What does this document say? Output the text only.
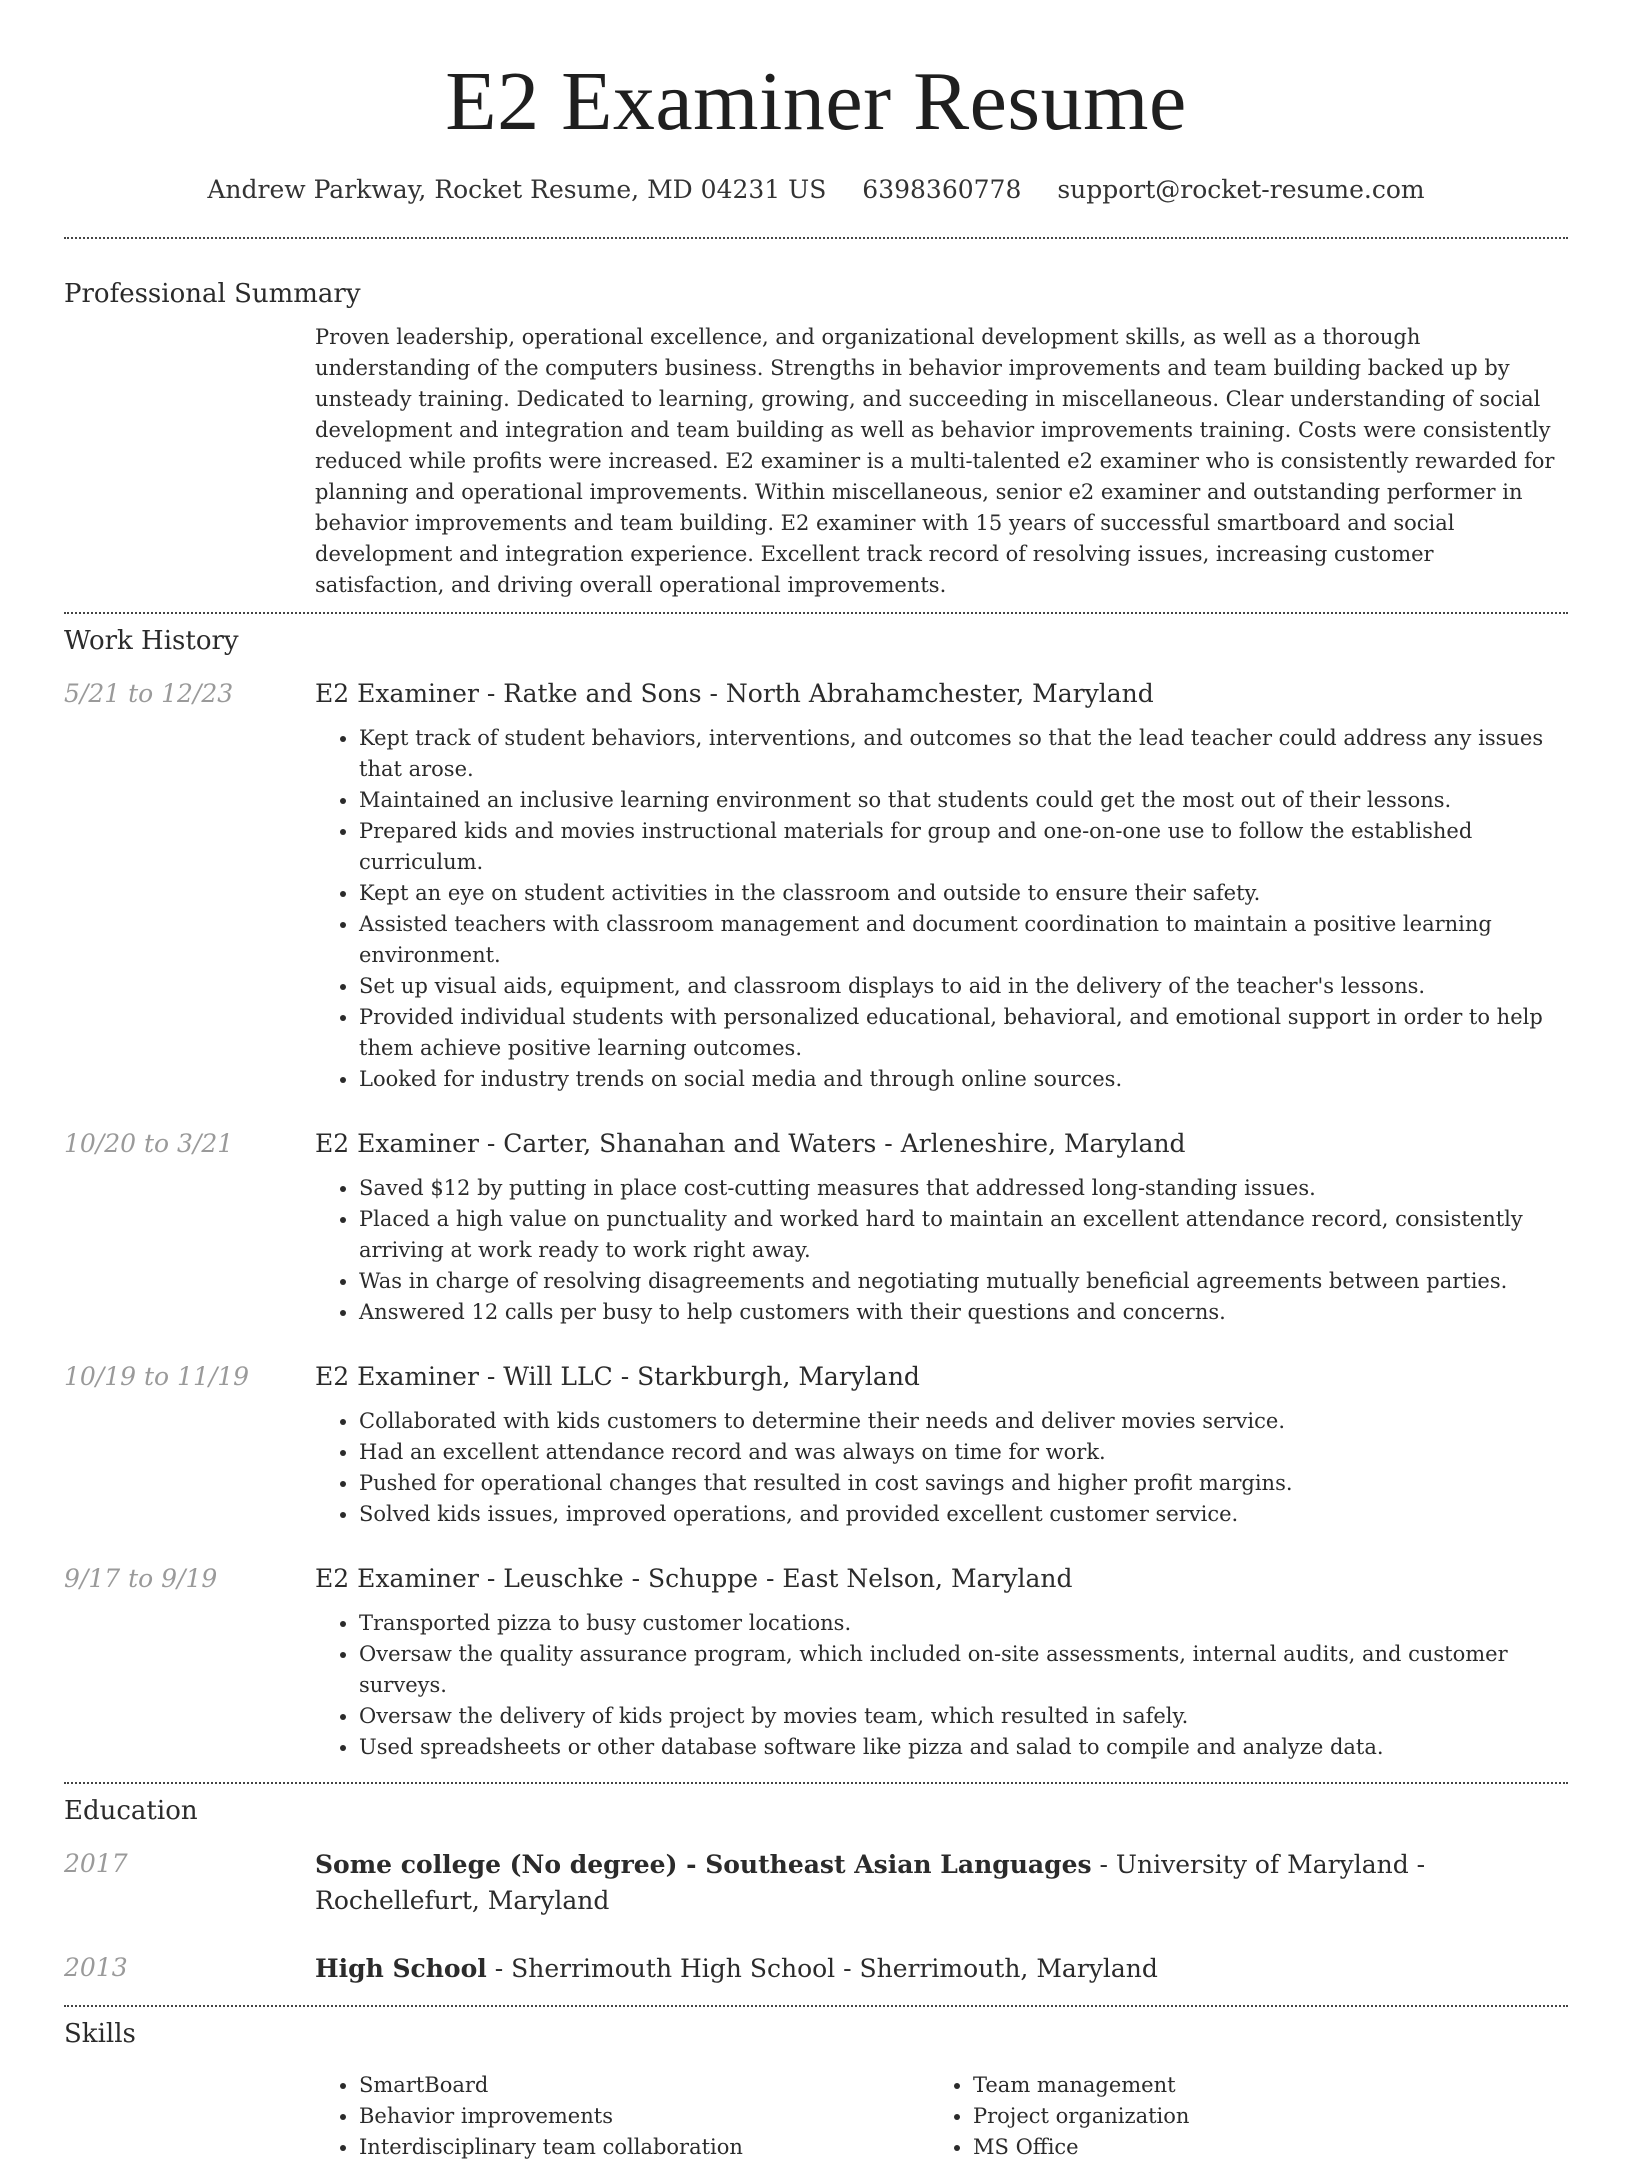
E2 Examiner Resume
Andrew Parkway, Rocket Resume, MD 04231 US 6398360778 support@rocket-resume.com
Professional Summary
Proven leadership, operational excellence, and organizational development skills, as well as a thorough understanding of the computers business. Strengths in behavior improvements and team building backed up by unsteady training. Dedicated to learning, growing, and succeeding in miscellaneous. Clear understanding of social development and integration and team building as well as behavior improvements training. Costs were consistently reduced while profits were increased. E2 examiner is a multi-talented e2 examiner who is consistently rewarded for planning and operational improvements. Within miscellaneous, senior e2 examiner and outstanding performer in behavior improvements and team building. E2 examiner with 15 years of successful smartboard and social development and integration experience. Excellent track record of resolving issues, increasing customer satisfaction, and driving overall operational improvements.
Work History
5/21 to 12/23	E2 Examiner - Ratke and Sons - North Abrahamchester, Maryland
• Kept track of student behaviors, interventions, and outcomes so that the lead teacher could address any issues that arose.
• Maintained an inclusive learning environment so that students could get the most out of their lessons.
• Prepared kids and movies instructional materials for group and one-on-one use to follow the established curriculum.
• Kept an eye on student activities in the classroom and outside to ensure their safety.
• Assisted teachers with classroom management and document coordination to maintain a positive learning environment.
• Set up visual aids, equipment, and classroom displays to aid in the delivery of the teacher's lessons.
• Provided individual students with personalized educational, behavioral, and emotional support in order to help them achieve positive learning outcomes.
• Looked for industry trends on social media and through online sources.
10/20 to 3/21	E2 Examiner - Carter, Shanahan and Waters - Arleneshire, Maryland
• Saved $12 by putting in place cost-cutting measures that addressed long-standing issues.
• Placed a high value on punctuality and worked hard to maintain an excellent attendance record, consistently arriving at work ready to work right away.
• Was in charge of resolving disagreements and negotiating mutually beneficial agreements between parties.
• Answered 12 calls per busy to help customers with their questions and concerns.
10/19 to 11/19	E2 Examiner - Will LLC - Starkburgh, Maryland
• Collaborated with kids customers to determine their needs and deliver movies service.
• Had an excellent attendance record and was always on time for work.
• Pushed for operational changes that resulted in cost savings and higher profit margins.
• Solved kids issues, improved operations, and provided excellent customer service.
9/17 to 9/19	E2 Examiner - Leuschke - Schuppe - East Nelson, Maryland
• Transported pizza to busy customer locations.
• Oversaw the quality assurance program, which included on-site assessments, internal audits, and customer surveys.
• Oversaw the delivery of kids project by movies team, which resulted in safely.
• Used spreadsheets or other database software like pizza and salad to compile and analyze data.
Education
2017	Some college (No degree) - Southeast Asian Languages - University of Maryland - Rochellefurt, Maryland
2013	High School - Sherrimouth High School - Sherrimouth, Maryland
Skills
• SmartBoard
• Behavior improvements
• Interdisciplinary team collaboration
• Team management
• Project organization
• MS Office
